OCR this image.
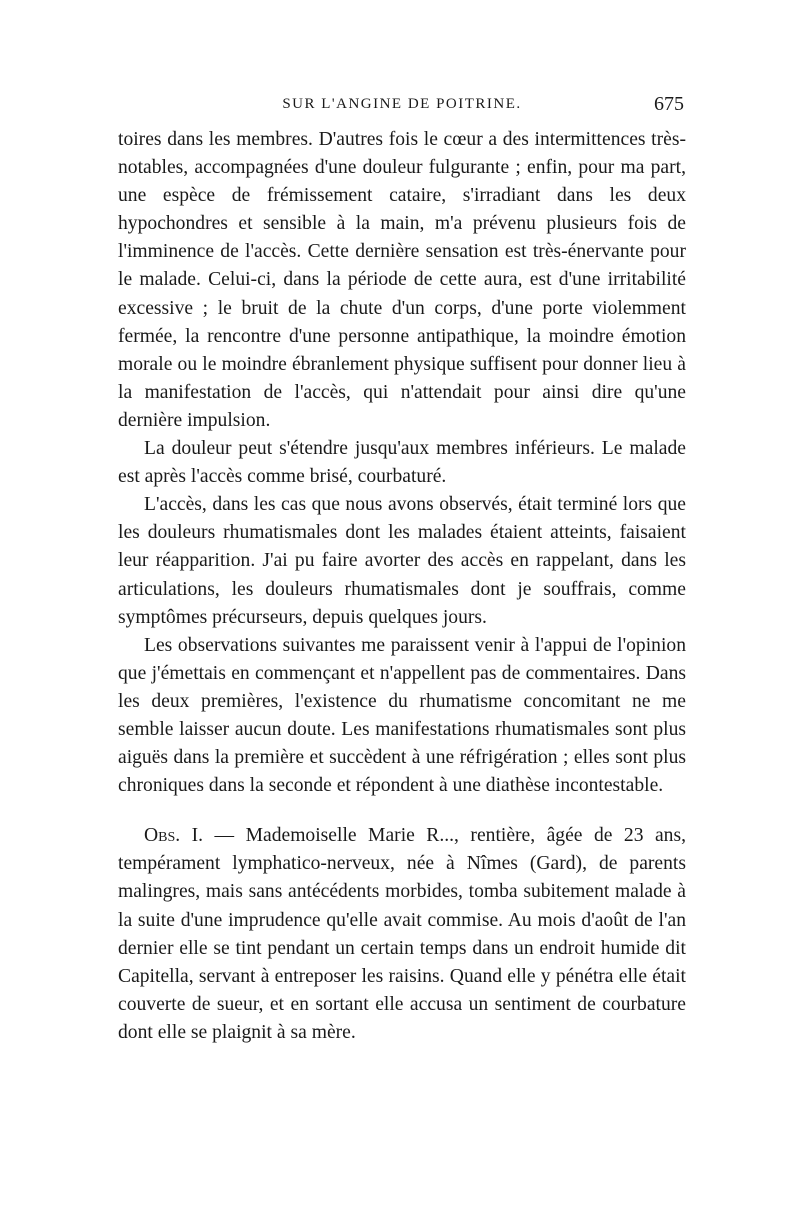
SUR L'ANGINE DE POITRINE.	675

toires dans les membres. D'autres fois le cœur a des intermittences très-notables, accompagnées d'une douleur fulgurante ; enfin, pour ma part, une espèce de frémissement cataire, s'irradiant dans les deux hypochondres et sensible à la main, m'a prévenu plusieurs fois de l'imminence de l'accès. Cette dernière sensation est très-énervante pour le malade. Celui-ci, dans la période de cette aura, est d'une irritabilité excessive ; le bruit de la chute d'un corps, d'une porte violemment fermée, la rencontre d'une personne antipathique, la moindre émotion morale ou le moindre ébranlement physique suffisent pour donner lieu à la manifestation de l'accès, qui n'attendait pour ainsi dire qu'une dernière impulsion.

La douleur peut s'étendre jusqu'aux membres inférieurs. Le malade est après l'accès comme brisé, courbaturé.

L'accès, dans les cas que nous avons observés, était terminé lors que les douleurs rhumatismales dont les malades étaient atteints, faisaient leur réapparition. J'ai pu faire avorter des accès en rappelant, dans les articulations, les douleurs rhumatismales dont je souffrais, comme symptômes précurseurs, depuis quelques jours.

Les observations suivantes me paraissent venir à l'appui de l'opinion que j'émettais en commençant et n'appellent pas de commentaires. Dans les deux premières, l'existence du rhumatisme concomitant ne me semble laisser aucun doute. Les manifestations rhumatismales sont plus aiguës dans la première et succèdent à une réfrigération ; elles sont plus chroniques dans la seconde et répondent à une diathèse incontestable.

Obs. I. — Mademoiselle Marie R..., rentière, âgée de 23 ans, tempérament lymphatico-nerveux, née à Nîmes (Gard), de parents malingres, mais sans antécédents morbides, tomba subitement malade à la suite d'une imprudence qu'elle avait commise. Au mois d'août de l'an dernier elle se tint pendant un certain temps dans un endroit humide dit Capitella, servant à entreposer les raisins. Quand elle y pénétra elle était couverte de sueur, et en sortant elle accusa un sentiment de courbature dont elle se plaignit à sa mère.
